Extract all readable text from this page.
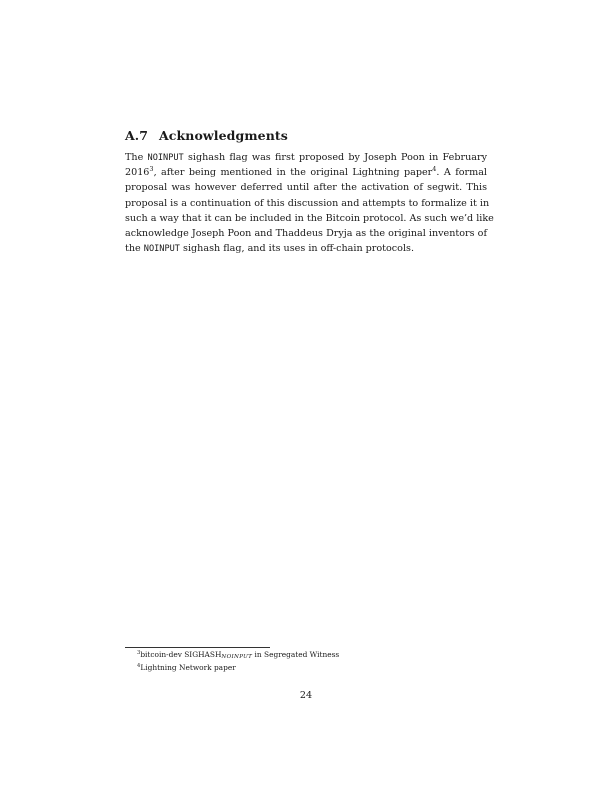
A.7 Acknowledgments
The NOINPUT sighash flag was first proposed by Joseph Poon in February
2016$^3$, after being mentioned in the original Lightning paper$^4$. A formal
proposal was however deferred until after the activation of segwit. This
proposal is a continuation of this discussion and attempts to formalize it in
such a way that it can be included in the Bitcoin protocol. As such we’d like
acknowledge Joseph Poon and Thaddeus Dryja as the original inventors of
the NOINPUT sighash flag, and its uses in off-chain protocols.
$^3$bitcoin-dev SIGHASHNOINPUT in Segregated Witness
$^4$Lightning Network paper
24
